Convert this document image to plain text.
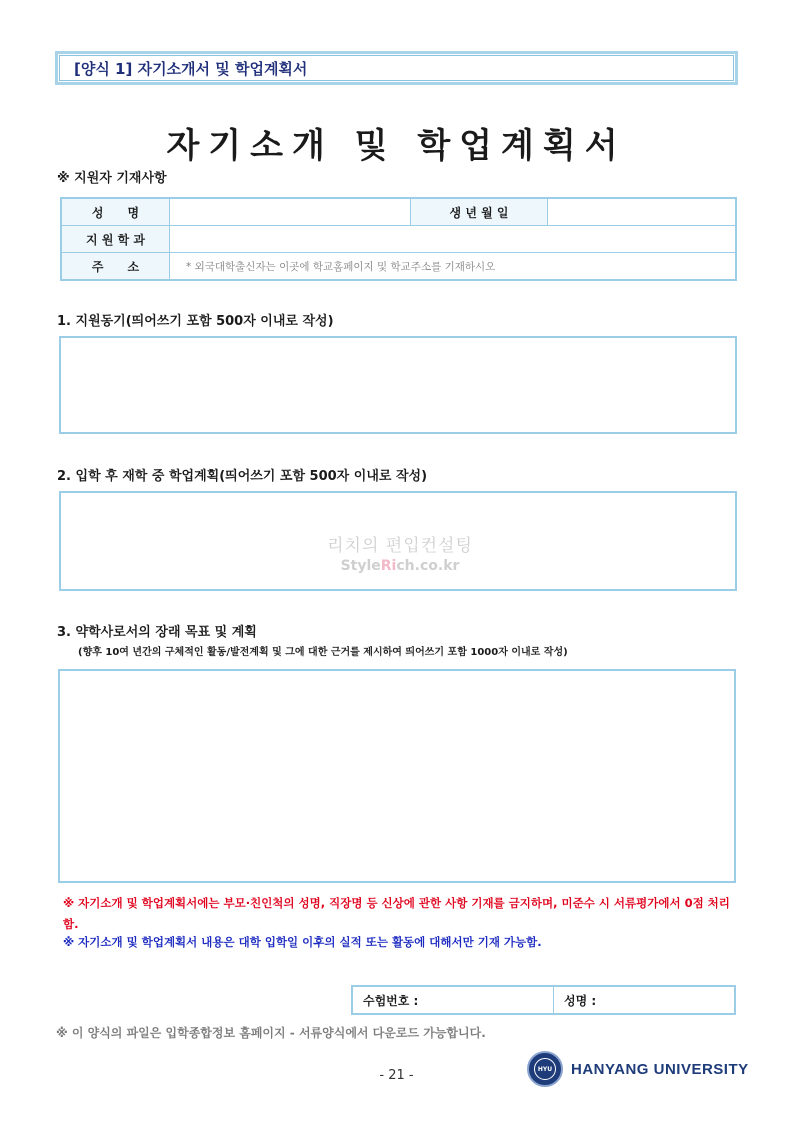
[양식 1] 자기소개서 및 학업계획서
자기소개 및 학업계획서
※ 지원자 기재사항
성　　명		생 년 월 일	
지 원 학 과			
주　　소	* 외국대학출신자는 이곳에 학교홈페이지 및 학교주소를 기재하시오		
1. 지원동기(띄어쓰기 포함 500자 이내로 작성)
2. 입학 후 재학 중 학업계획(띄어쓰기 포함 500자 이내로 작성)
리치의 편입컨설팅
StyleRich.co.kr
3. 약학사로서의 장래 목표 및 계획
(향후 10여 년간의 구체적인 활동/발전계획 및 그에 대한 근거를 제시하여 띄어쓰기 포함 1000자 이내로 작성)
※ 자기소개 및 학업계획서에는 부모·친인척의 성명, 직장명 등 신상에 관한 사항 기재를 금지하며, 미준수 시 서류평가에서 0점 처리함.
※ 자기소개 및 학업계획서 내용은 대학 입학일 이후의 실적 또는 활동에 대해서만 기재 가능함.
수험번호 :	성명 :
※ 이 양식의 파일은 입학종합정보 홈페이지 - 서류양식에서 다운로드 가능합니다.
- 21 -	HYU HANYANG UNIVERSITY
